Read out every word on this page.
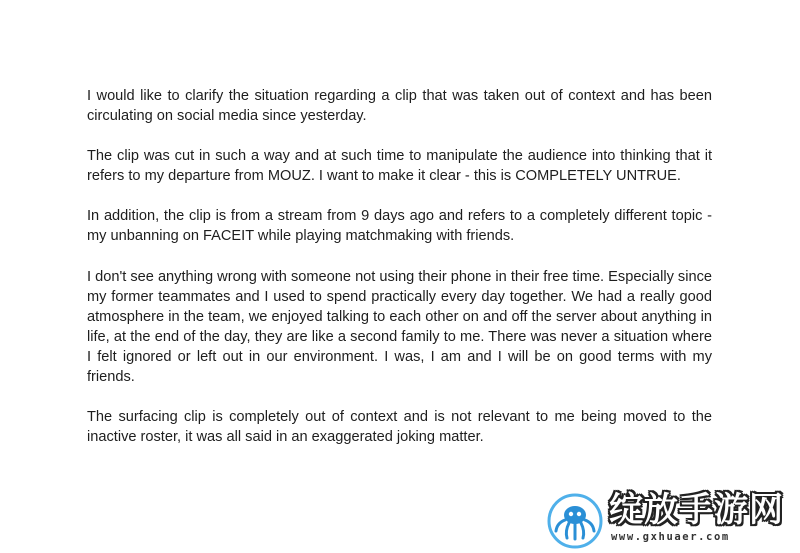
I would like to clarify the situation regarding a clip that was taken out of context and has been circulating on social media since yesterday.

The clip was cut in such a way and at such time to manipulate the audience into thinking that it refers to my departure from MOUZ. I want to make it clear - this is COMPLETELY UNTRUE.

In addition, the clip is from a stream from 9 days ago and refers to a completely different topic - my unbanning on FACEIT while playing matchmaking with friends.

I don't see anything wrong with someone not using their phone in their free time. Especially since my former teammates and I used to spend practically every day together. We had a really good atmosphere in the team, we enjoyed talking to each other on and off the server about anything in life, at the end of the day, they are like a second family to me. There was never a situation where I felt ignored or left out in our environment. I was, I am and I will be on good terms with my friends.

The surfacing clip is completely out of context and is not relevant to me being moved to the inactive roster, it was all said in an exaggerated joking matter.

绽放手游网
www.gxhuaer.com
